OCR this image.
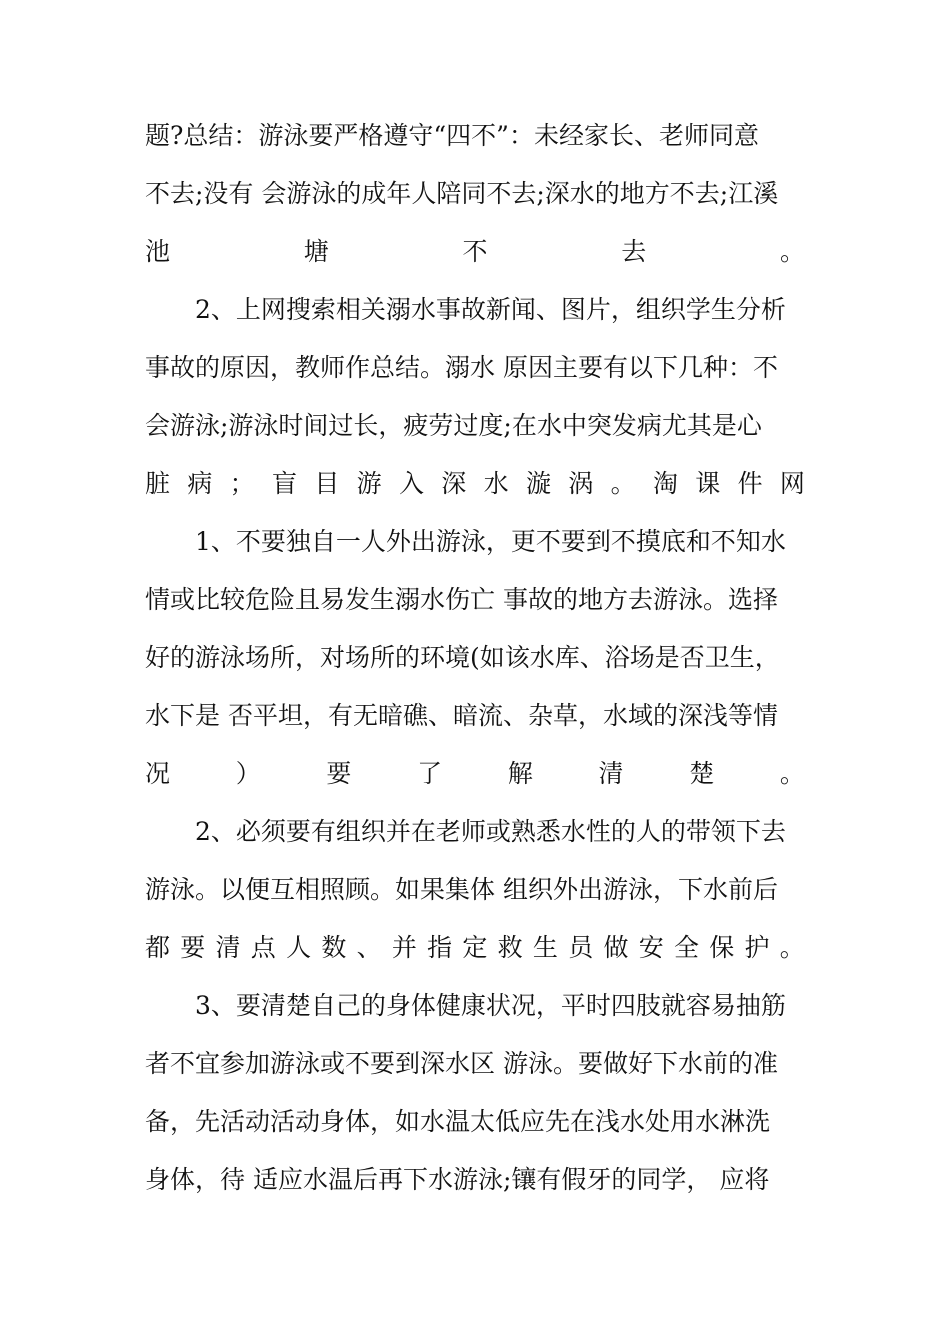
题?总结：游泳要严格遵守“四不”：未经家长、老师同意
不去;没有 会游泳的成年人陪同不去;深水的地方不去;江溪
池	塘	不	去	。
2、上网搜索相关溺水事故新闻、图片，组织学生分析
事故的原因，教师作总结。溺水 原因主要有以下几种：不
会游泳;游泳时间过长，疲劳过度;在水中突发病尤其是心
脏 病 ； 盲 目 游 入 深 水 漩 涡 。 淘 课 件 网
1、不要独自一人外出游泳，更不要到不摸底和不知水
情或比较危险且易发生溺水伤亡 事故的地方去游泳。选择
好的游泳场所，对场所的环境(如该水库、浴场是否卫生，
水下是 否平坦，有无暗礁、暗流、杂草，水域的深浅等情
况	）	要	了	解	清	楚	。
2、必须要有组织并在老师或熟悉水性的人的带领下去
游泳。以便互相照顾。如果集体 组织外出游泳，下水前后
都 要 清 点 人 数 、 并 指 定 救 生 员 做 安 全 保 护 。
3、要清楚自己的身体健康状况，平时四肢就容易抽筋
者不宜参加游泳或不要到深水区 游泳。要做好下水前的准
备，先活动活动身体，如水温太低应先在浅水处用水淋洗
身体，待 适应水温后再下水游泳;镶有假牙的同学， 应将
